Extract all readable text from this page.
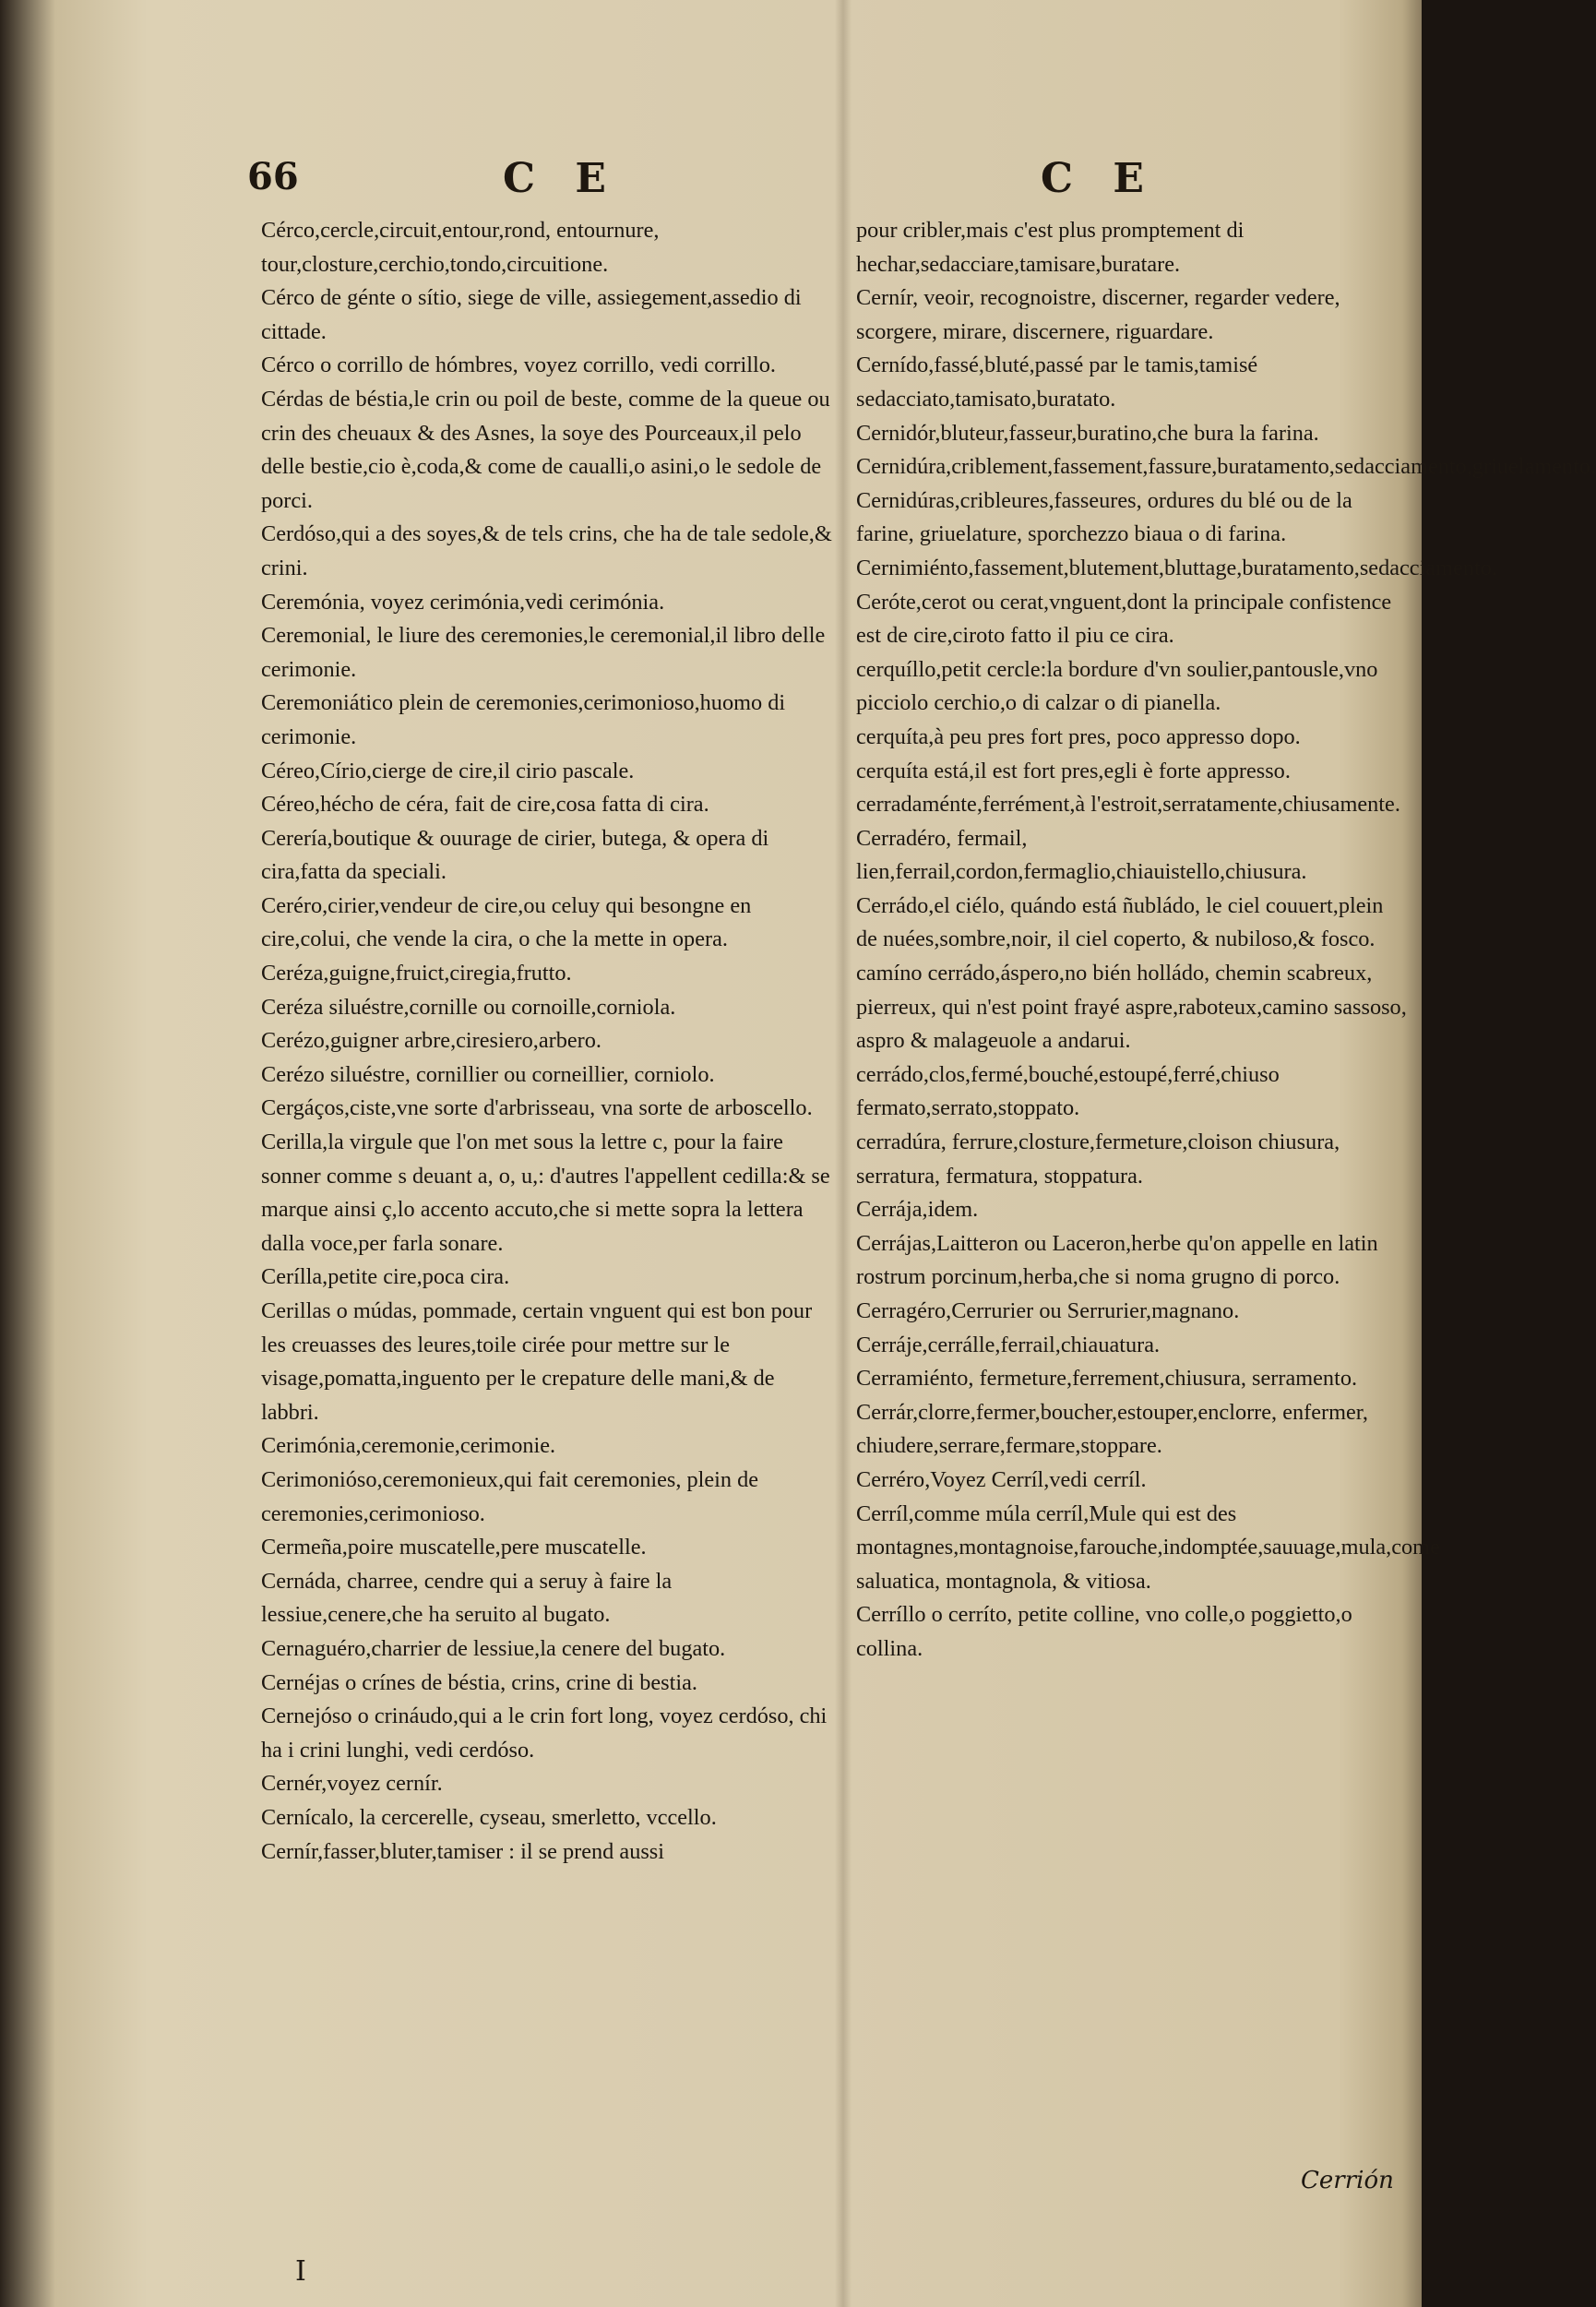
66	C E	C E

Cérco,cercle,circuit,entour,rond, entournure, tour,closture,cerchio,tondo,circuitione.

Cérco de génte o sítio, siege de ville, assiegement,assedio di cittade.

Cérco o corrillo de hómbres, voyez corrillo, vedi corrillo.

Cérdas de béstia,le crin ou poil de beste, comme de la queue ou crin des cheuaux & des Asnes, la soye des Pourceaux,il pelo delle bestie,cio è,coda,& come de caualli,o asini,o le sedole de porci.

Cerdóso,qui a des soyes,& de tels crins, che ha de tale sedole,& crini.

Ceremónia, voyez cerimónia,vedi cerimónia.

Ceremonial, le liure des ceremonies,le ceremonial,il libro delle cerimonie.

Ceremoniático plein de ceremonies,cerimonioso,huomo di cerimonie.

Céreo,Círio,cierge de cire,il cirio pascale.

Céreo,hécho de céra, fait de cire,cosa fatta di cira.

Cerería,boutique & ouurage de cirier, butega, & opera di cira,fatta da speciali.

Ceréro,cirier,vendeur de cire,ou celuy qui besongne en cire,colui, che vende la cira, o che la mette in opera.

Ceréza,guigne,fruict,ciregia,frutto.

Ceréza siluéstre,cornille ou cornoille,corniola.

Cerézo,guigner arbre,ciresiero,arbero.

Cerézo siluéstre, cornillier ou corneillier, corniolo.

Cergáços,ciste,vne sorte d'arbrisseau, vna sorte de arboscello.

Cerilla,la virgule que l'on met sous la lettre c, pour la faire sonner comme s deuant a, o, u,: d'autres l'appellent cedilla:& se marque ainsi ç,lo accento accuto,che si mette sopra la lettera dalla voce,per farla sonare.

Cerílla,petite cire,poca cira.

Cerillas o múdas, pommade, certain vnguent qui est bon pour les creuasses des leures,toile cirée pour mettre sur le visage,pomatta,inguento per le crepature delle mani,& de labbri.

Cerimónia,ceremonie,cerimonie.

Cerimonióso,ceremonieux,qui fait ceremonies, plein de ceremonies,cerimonioso.

Cermeña,poire muscatelle,pere muscatelle.

Cernáda, charree, cendre qui a seruy à faire la lessiue,cenere,che ha seruito al bugato.

Cernaguéro,charrier de lessiue,la cenere del bugato.

Cernéjas o crínes de béstia, crins, crine di bestia.

Cernejóso o crináudo,qui a le crin fort long, voyez cerdóso, chi ha i crini lunghi, vedi cerdóso.

Cernér,voyez cernír.

Cernícalo, la cercerelle, cyseau, smerletto, vccello.

Cernír,fasser,bluter,tamiser : il se prend aussi

pour cribler,mais c'est plus promptement di hechar,sedacciare,tamisare,buratare.

Cernír, veoir, recognoistre, discerner, regarder vedere, scorgere, mirare, discernere, riguardare.

Cernído,fassé,bluté,passé par le tamis,tamisé sedacciato,tamisato,buratato.

Cernidór,bluteur,fasseur,buratino,che bura la farina.

Cernidúra,criblement,fassement,fassure,buratamento,sedacciamento,griuelamento.

Cernidúras,cribleures,fasseures, ordures du blé ou de la farine, griuelature, sporchezzo biaua o di farina.

Cernimiénto,fassement,blutement,bluttage,buratamento,sedacciamento.

Ceróte,cerot ou cerat,vnguent,dont la principale confistence est de cire,ciroto fatto il piu ce cira.

cerquíllo,petit cercle:la bordure d'vn soulier,pantousle,vno picciolo cerchio,o di calzar o di pianella.

cerquíta,à peu pres fort pres, poco appresso dopo.

cerquíta está,il est fort pres,egli è forte appresso.

cerradaménte,ferrément,à l'estroit,serratamente,chiusamente.

Cerradéro, fermail, lien,ferrail,cordon,fermaglio,chiauistello,chiusura.

Cerrádo,el ciélo, quándo está ñubládo, le ciel couuert,plein de nuées,sombre,noir, il ciel coperto, & nubiloso,& fosco.

camíno cerrádo,áspero,no bién holládo, chemin scabreux, pierreux, qui n'est point frayé aspre,raboteux,camino sassoso, aspro & malageuole a andarui.

cerrádo,clos,fermé,bouché,estoupé,ferré,chiuso fermato,serrato,stoppato.

cerradúra, ferrure,closture,fermeture,cloison chiusura, serratura, fermatura, stoppatura.

Cerrája,idem.

Cerrájas,Laitteron ou Laceron,herbe qu'on appelle en latin rostrum porcinum,herba,che si noma grugno di porco.

Cerragéro,Cerrurier ou Serrurier,magnano.

Cerráje,cerrálle,ferrail,chiauatura.

Cerramiénto, fermeture,ferrement,chiusura, serramento.

Cerrár,clorre,fermer,boucher,estouper,enclorre, enfermer, chiudere,serrare,fermare,stoppare.

Cerréro,Voyez Cerríl,vedi cerríl.

Cerríl,comme múla cerríl,Mule qui est des montagnes,montagnoise,farouche,indomptée,sauuage,mula,come saluatica, montagnola, & vitiosa.

Cerríllo o cerríto, petite colline, vno colle,o poggietto,o collina.

Cerrión
I
